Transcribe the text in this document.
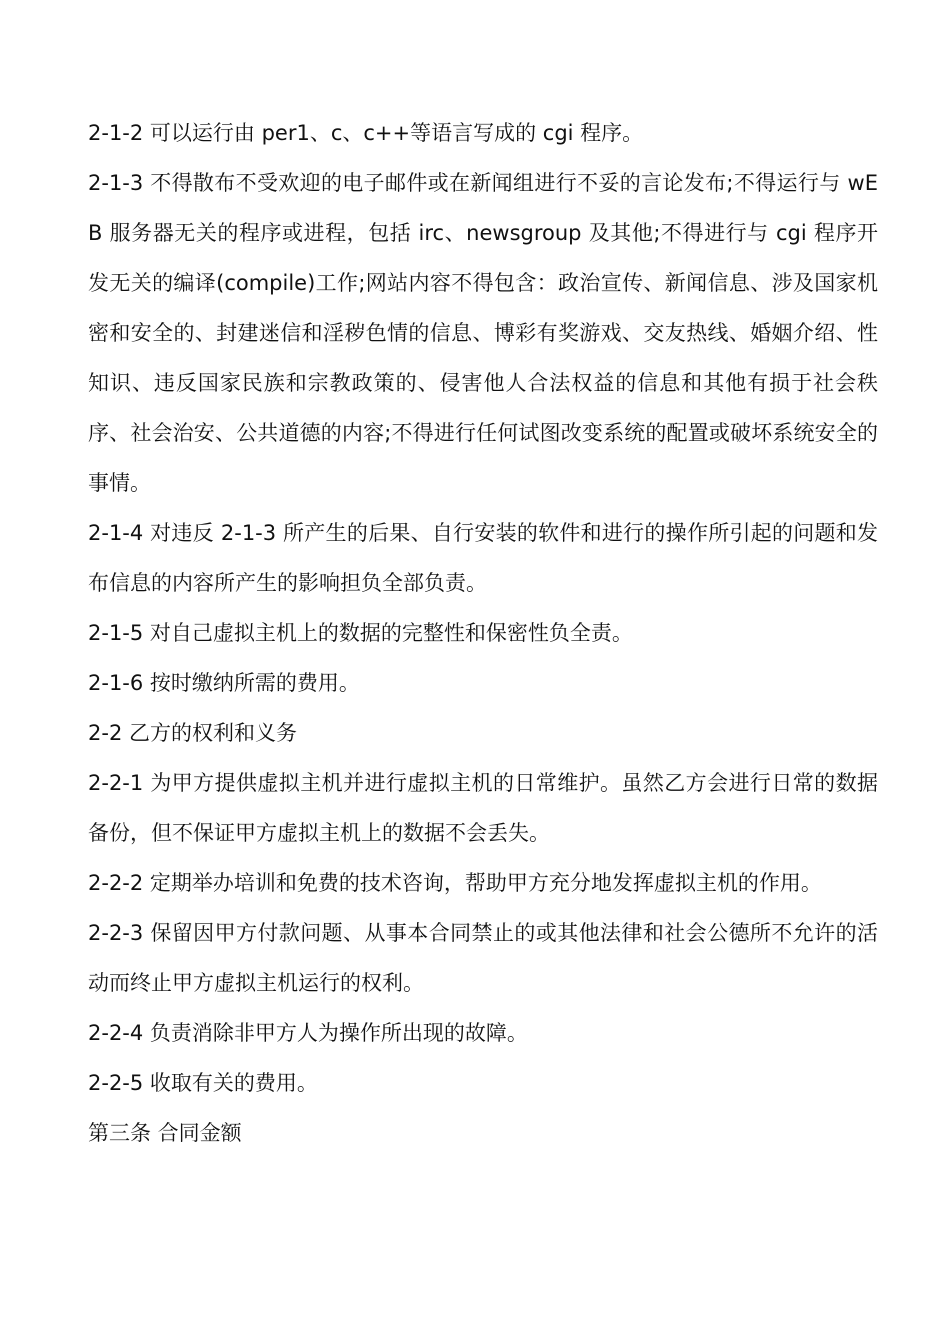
2-1-2 可以运行由 per1、c、c++等语言写成的 cgi 程序。

2-1-3 不得散布不受欢迎的电子邮件或在新闻组进行不妥的言论发布;不得运行与 wEB 服务器无关的程序或进程，包括 irc、newsgroup 及其他;不得进行与 cgi 程序开发无关的编译(compile)工作;网站内容不得包含：政治宣传、新闻信息、涉及国家机密和安全的、封建迷信和淫秽色情的信息、博彩有奖游戏、交友热线、婚姻介绍、性知识、违反国家民族和宗教政策的、侵害他人合法权益的信息和其他有损于社会秩序、社会治安、公共道德的内容;不得进行任何试图改变系统的配置或破坏系统安全的事情。

2-1-4 对违反 2-1-3 所产生的后果、自行安装的软件和进行的操作所引起的问题和发布信息的内容所产生的影响担负全部负责。

2-1-5 对自己虚拟主机上的数据的完整性和保密性负全责。

2-1-6 按时缴纳所需的费用。

2-2 乙方的权利和义务

2-2-1 为甲方提供虚拟主机并进行虚拟主机的日常维护。虽然乙方会进行日常的数据备份，但不保证甲方虚拟主机上的数据不会丢失。

2-2-2 定期举办培训和免费的技术咨询，帮助甲方充分地发挥虚拟主机的作用。

2-2-3 保留因甲方付款问题、从事本合同禁止的或其他法律和社会公德所不允许的活动而终止甲方虚拟主机运行的权利。

2-2-4 负责消除非甲方人为操作所出现的故障。

2-2-5 收取有关的费用。

第三条 合同金额
